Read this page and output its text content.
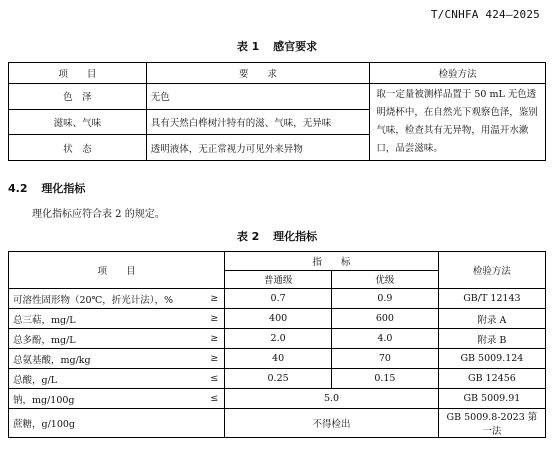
T/CNHFA 424—2025
表 1 感官要求
项　　目	要　　求	检验方法
色　泽	无色	取一定量被测样品置于 50 mL 无色透明烧杯中，在自然光下观察色泽，鉴别气味，检查其有无异物，用温开水漱口，品尝滋味。
滋味、气味	具有天然白桦树汁特有的滋、气味，无异味	
状　态	透明液体，无正常视力可见外来异物	
4.2 理化指标
理化指标应符合表 2 的规定。
表 2 理化指标
项　　目		指　　标		检验方法
		普通级	优级	
可溶性固形物（20℃，折光计法），%	≥	0.7	0.9	GB/T 12143
总三萜，mg/L	≥	400	600	附录 A
总多酚，mg/L	≥	2.0	4.0	附录 B
总氨基酸，mg/kg	≥	40	70	GB 5009.124
总酸，g/L	≤	0.25	0.15	GB 12456
钠，mg/100g	≤	5.0		GB 5009.91
蔗糖，g/100g		不得检出		GB 5009.8-2023 第一法
